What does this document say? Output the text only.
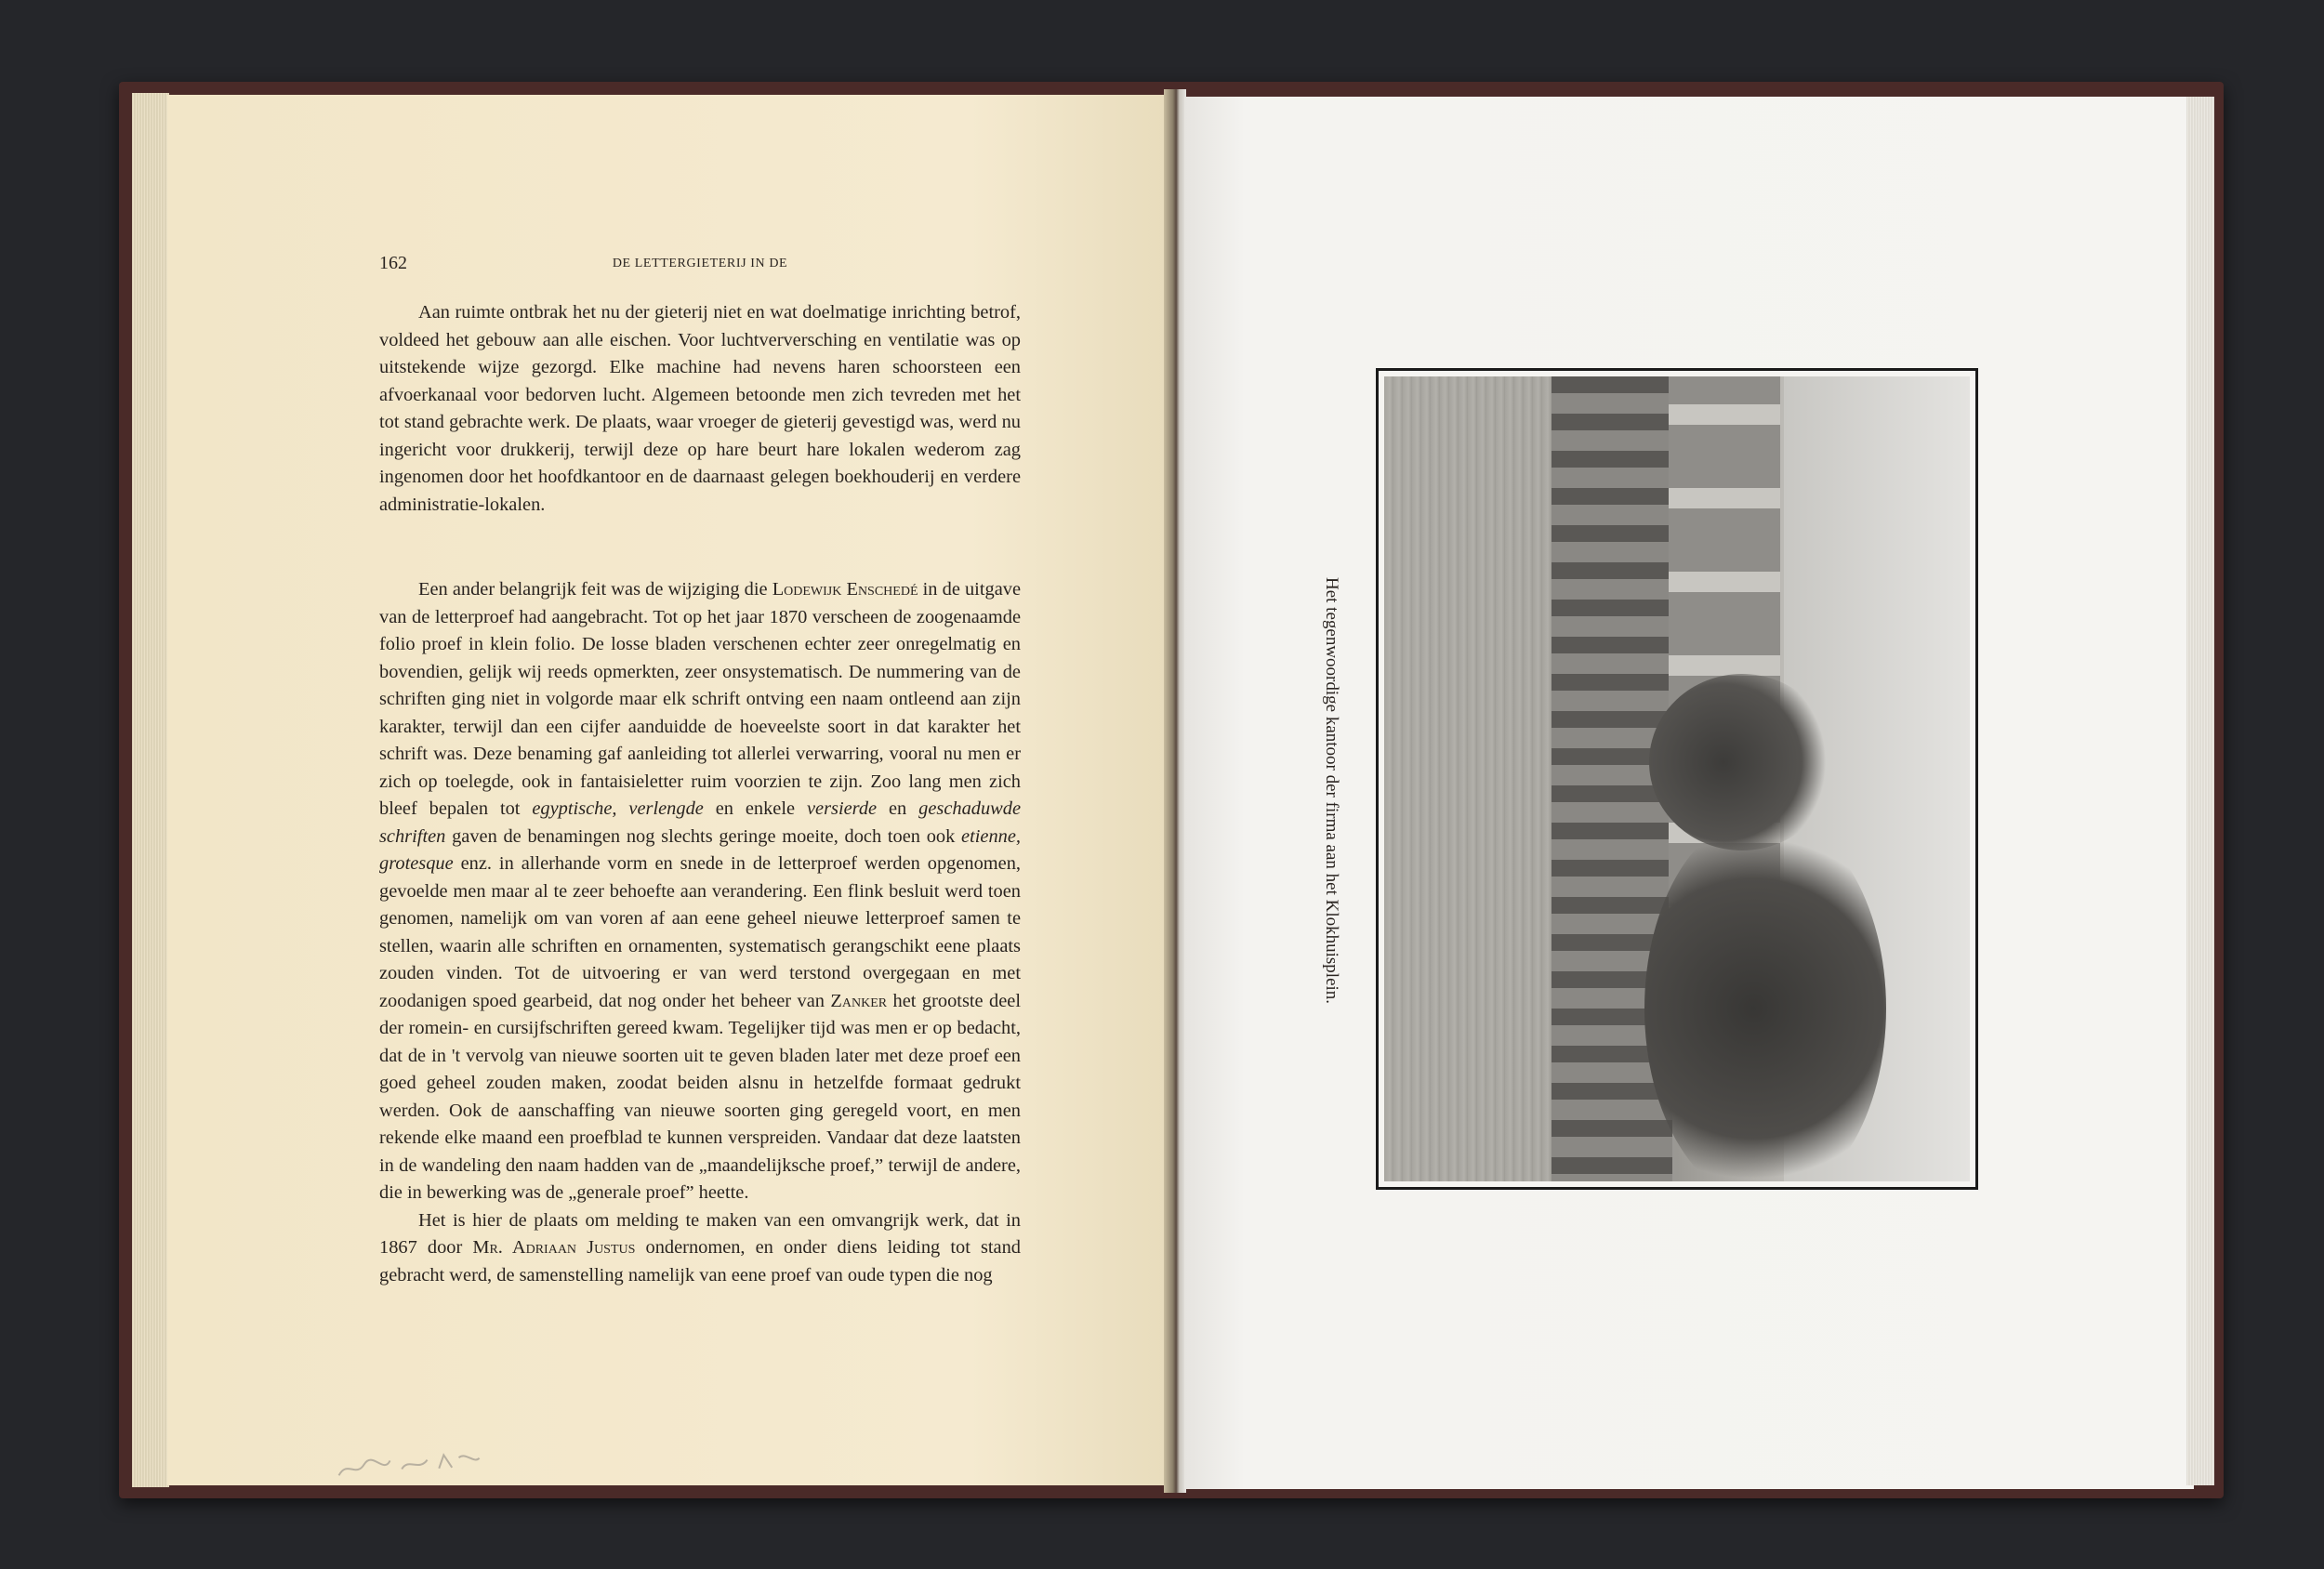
162	DE LETTERGIETERIJ IN DE

Aan ruimte ontbrak het nu der gieterij niet en wat doelmatige inrichting betrof, voldeed het gebouw aan alle eischen. Voor luchtverversching en ventilatie was op uitstekende wijze gezorgd. Elke machine had nevens haren schoorsteen een afvoerkanaal voor bedorven lucht. Algemeen betoonde men zich tevreden met het tot stand gebrachte werk. De plaats, waar vroeger de gieterij gevestigd was, werd nu ingericht voor drukkerij, terwijl deze op hare beurt hare lokalen wederom zag ingenomen door het hoofdkantoor en de daarnaast gelegen boekhouderij en verdere administratie-lokalen.

Een ander belangrijk feit was de wijziging die Lodewijk Enschedé in de uitgave van de letterproef had aangebracht. Tot op het jaar 1870 verscheen de zoogenaamde folio proef in klein folio. De losse bladen verschenen echter zeer onregelmatig en bovendien, gelijk wij reeds opmerkten, zeer onsystematisch. De nummering van de schriften ging niet in volgorde maar elk schrift ontving een naam ontleend aan zijn karakter, terwijl dan een cijfer aanduidde de hoeveelste soort in dat karakter het schrift was. Deze benaming gaf aanleiding tot allerlei verwarring, vooral nu men er zich op toelegde, ook in fantaisieletter ruim voorzien te zijn. Zoo lang men zich bleef bepalen tot egyptische, verlengde en enkele versierde en geschaduwde schriften gaven de benamingen nog slechts geringe moeite, doch toen ook etienne, grotesque enz. in allerhande vorm en snede in de letterproef werden opgenomen, gevoelde men maar al te zeer behoefte aan verandering. Een flink besluit werd toen genomen, namelijk om van voren af aan eene geheel nieuwe letterproef samen te stellen, waarin alle schriften en ornamenten, systematisch gerangschikt eene plaats zouden vinden. Tot de uitvoering er van werd terstond overgegaan en met zoodanigen spoed gearbeid, dat nog onder het beheer van Zanker het grootste deel der romein- en cursijfschriften gereed kwam. Tegelijker tijd was men er op bedacht, dat de in 't vervolg van nieuwe soorten uit te geven bladen later met deze proef een goed geheel zouden maken, zoodat beiden alsnu in hetzelfde formaat gedrukt werden. Ook de aanschaffing van nieuwe soorten ging geregeld voort, en men rekende elke maand een proefblad te kunnen verspreiden. Vandaar dat deze laatsten in de wandeling den naam hadden van de „maandelijksche proef,” terwijl de andere, die in bewerking was de „generale proef” heette.

Het is hier de plaats om melding te maken van een omvangrijk werk, dat in 1867 door Mr. Adriaan Justus ondernomen, en onder diens leiding tot stand gebracht werd, de samenstelling namelijk van eene proef van oude typen die nog

Het tegenwoordige kantoor der firma aan het Klokhuisplein.
